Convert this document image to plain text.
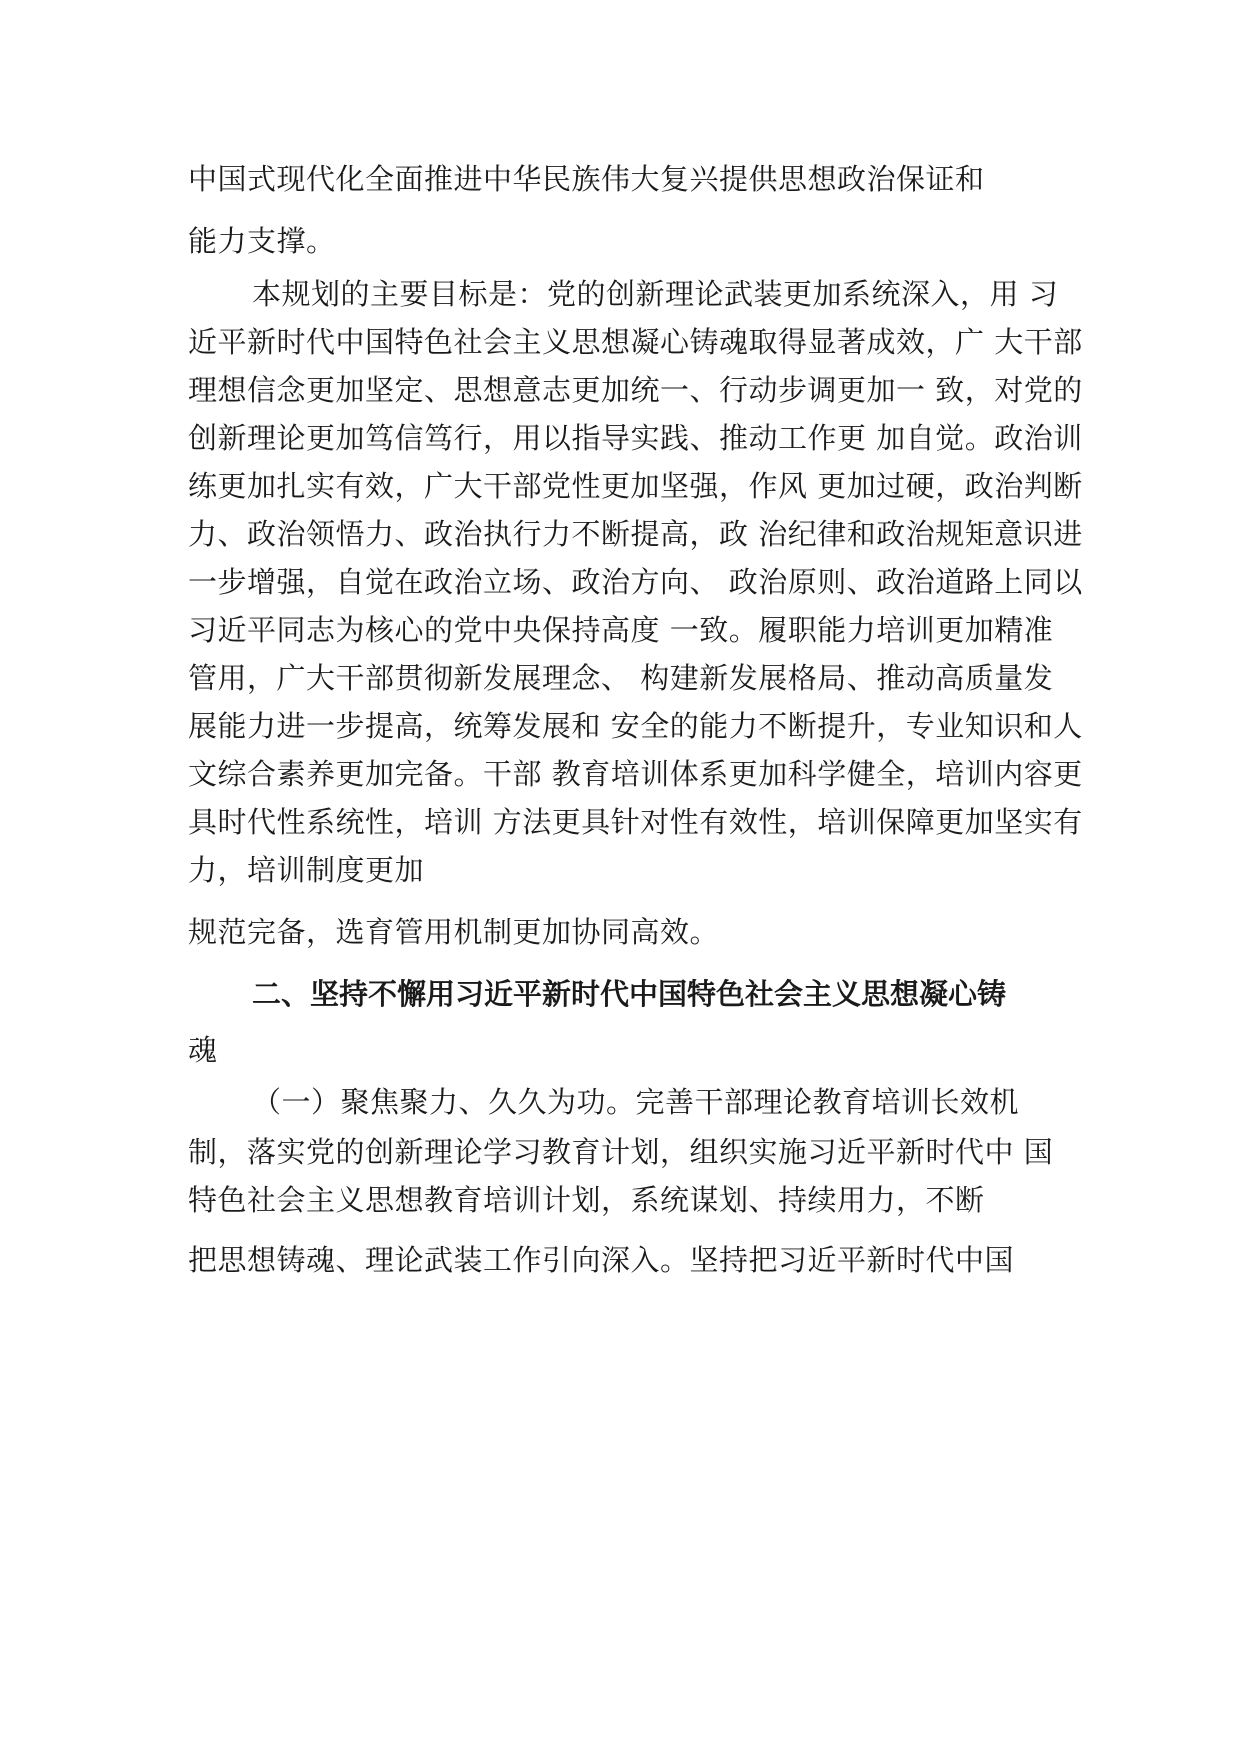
中国式现代化全面推进中华民族伟大复兴提供思想政治保证和
能力支撑。
本规划的主要目标是：党的创新理论武装更加系统深入，用 习
近平新时代中国特色社会主义思想凝心铸魂取得显著成效，广 大干部
理想信念更加坚定、思想意志更加统一、行动步调更加一 致，对党的
创新理论更加笃信笃行，用以指导实践、推动工作更 加自觉。政治训
练更加扎实有效，广大干部党性更加坚强，作风 更加过硬，政治判断
力、政治领悟力、政治执行力不断提高，政 治纪律和政治规矩意识进
一步增强，自觉在政治立场、政治方向、 政治原则、政治道路上同以
习近平同志为核心的党中央保持高度 一致。履职能力培训更加精准
管用，广大干部贯彻新发展理念、 构建新发展格局、推动高质量发
展能力进一步提高，统筹发展和 安全的能力不断提升，专业知识和人
文综合素养更加完备。干部 教育培训体系更加科学健全，培训内容更
具时代性系统性，培训 方法更具针对性有效性，培训保障更加坚实有
力，培训制度更加
规范完备，选育管用机制更加协同高效。
二、坚持不懈用习近平新时代中国特色社会主义思想凝心铸
魂
（一）聚焦聚力、久久为功。完善干部理论教育培训长效机
制，落实党的创新理论学习教育计划，组织实施习近平新时代中 国
特色社会主义思想教育培训计划，系统谋划、持续用力，不断
把思想铸魂、理论武装工作引向深入。坚持把习近平新时代中国
